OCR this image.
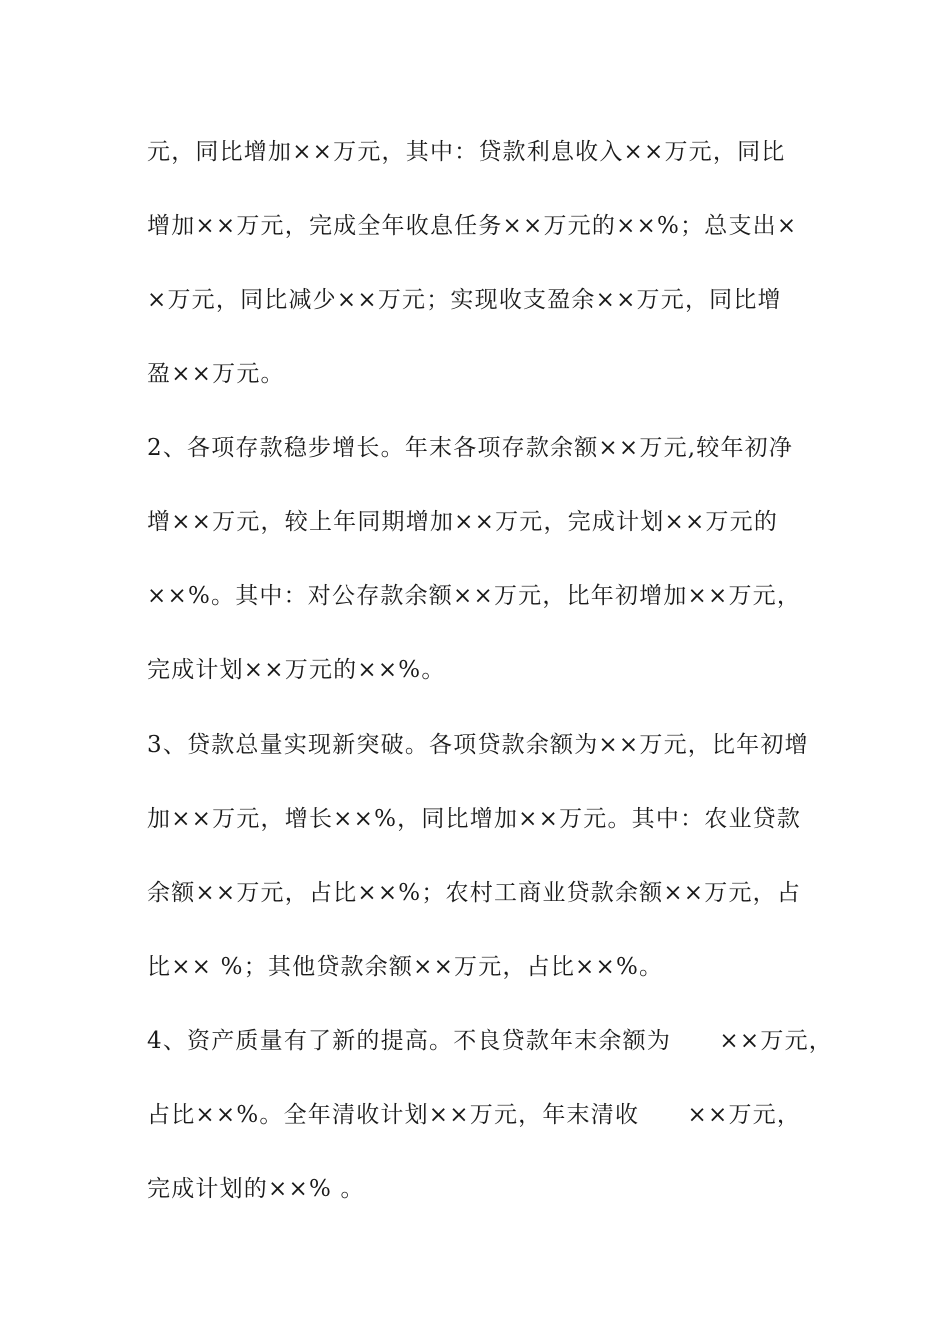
元，同比增加××万元，其中：贷款利息收入××万元，同比

增加××万元，完成全年收息任务××万元的××%；总支出×

×万元，同比减少××万元；实现收支盈余××万元，同比增

盈××万元。

2、各项存款稳步增长。年末各项存款余额××万元,较年初净

增××万元，较上年同期增加××万元，完成计划××万元的

××%。其中：对公存款余额××万元，比年初增加××万元，

完成计划××万元的××%。

3、贷款总量实现新突破。各项贷款余额为××万元，比年初增

加××万元，增长××%，同比增加××万元。其中：农业贷款

余额××万元，占比××%；农村工商业贷款余额××万元，占

比×× %；其他贷款余额××万元，占比××%。

4、资产质量有了新的提高。不良贷款年末余额为　　××万元，

占比××%。全年清收计划××万元，年末清收　　××万元，

完成计划的××% 。
